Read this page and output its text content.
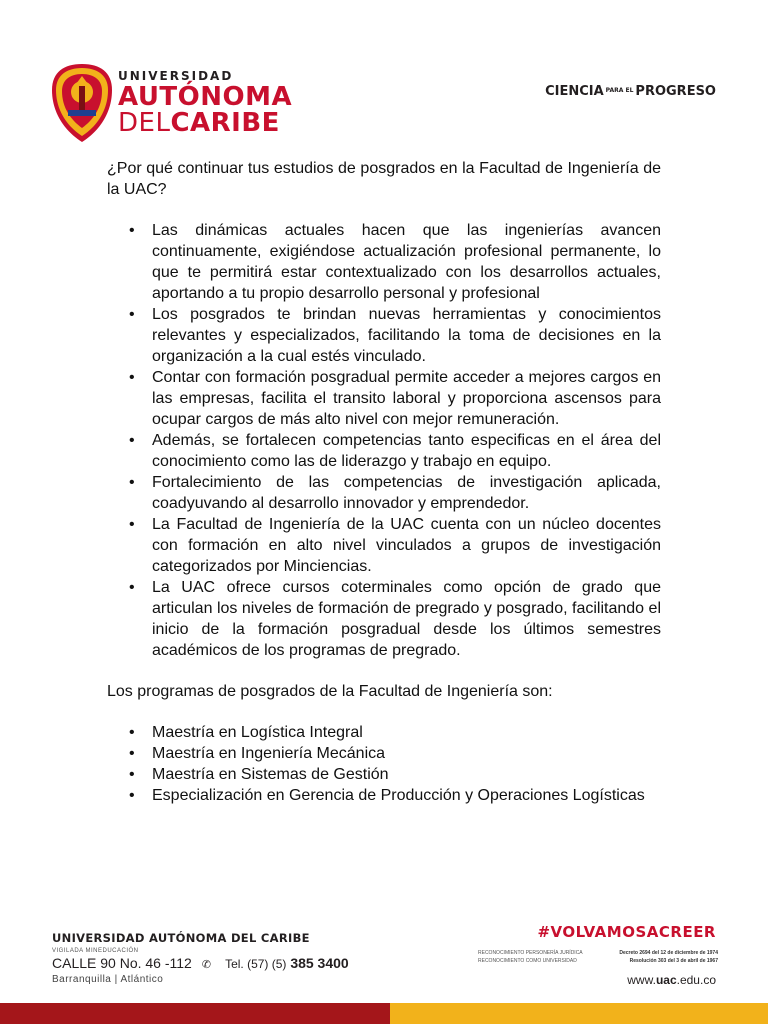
UNIVERSIDAD
AUTÓNOMA
DELCARIBE
CIENCIA PARA EL PROGRESO

¿Por qué continuar tus estudios de posgrados en la Facultad de Ingeniería de la UAC?

• Las dinámicas actuales hacen que las ingenierías avancen continuamente, exigiéndose actualización profesional permanente, lo que te permitirá estar contextualizado con los desarrollos actuales, aportando a tu propio desarrollo personal y profesional
• Los posgrados te brindan nuevas herramientas y conocimientos relevantes y especializados, facilitando la toma de decisiones en la organización a la cual estés vinculado.
• Contar con formación posgradual permite acceder a mejores cargos en las empresas, facilita el transito laboral y proporciona ascensos para ocupar cargos de más alto nivel con mejor remuneración.
• Además, se fortalecen competencias tanto especificas en el área del conocimiento como las de liderazgo y trabajo en equipo.
• Fortalecimiento de las competencias de investigación aplicada, coadyuvando al desarrollo innovador y emprendedor.
• La Facultad de Ingeniería de la UAC cuenta con un núcleo docentes con formación en alto nivel vinculados a grupos de investigación categorizados por Minciencias.
• La UAC ofrece cursos coterminales como opción de grado que articulan los niveles de formación de pregrado y posgrado, facilitando el inicio de la formación posgradual desde los últimos semestres académicos de los programas de pregrado.

Los programas de posgrados de la Facultad de Ingeniería son:

• Maestría en Logística Integral
• Maestría en Ingeniería Mecánica
• Maestría en Sistemas de Gestión
• Especialización en Gerencia de Producción y Operaciones Logísticas
UNIVERSIDAD AUTÓNOMA DEL CARIBE
VIGILADA MINEDUCACIÓN
CALLE 90 No. 46 -112 ✆ Tel. (57) (5) 385 3400
Barranquilla | Atlántico
#VOLVAMOSACREER
RECONOCIMIENTO PERSONERÍA JURÍDICA	Decreto 2694 del 12 de diciembre de 1974
RECONOCIMIENTO COMO UNIVERSIDAD	Resolución 303 del 3 de abril de 1967
www.uac.edu.co
